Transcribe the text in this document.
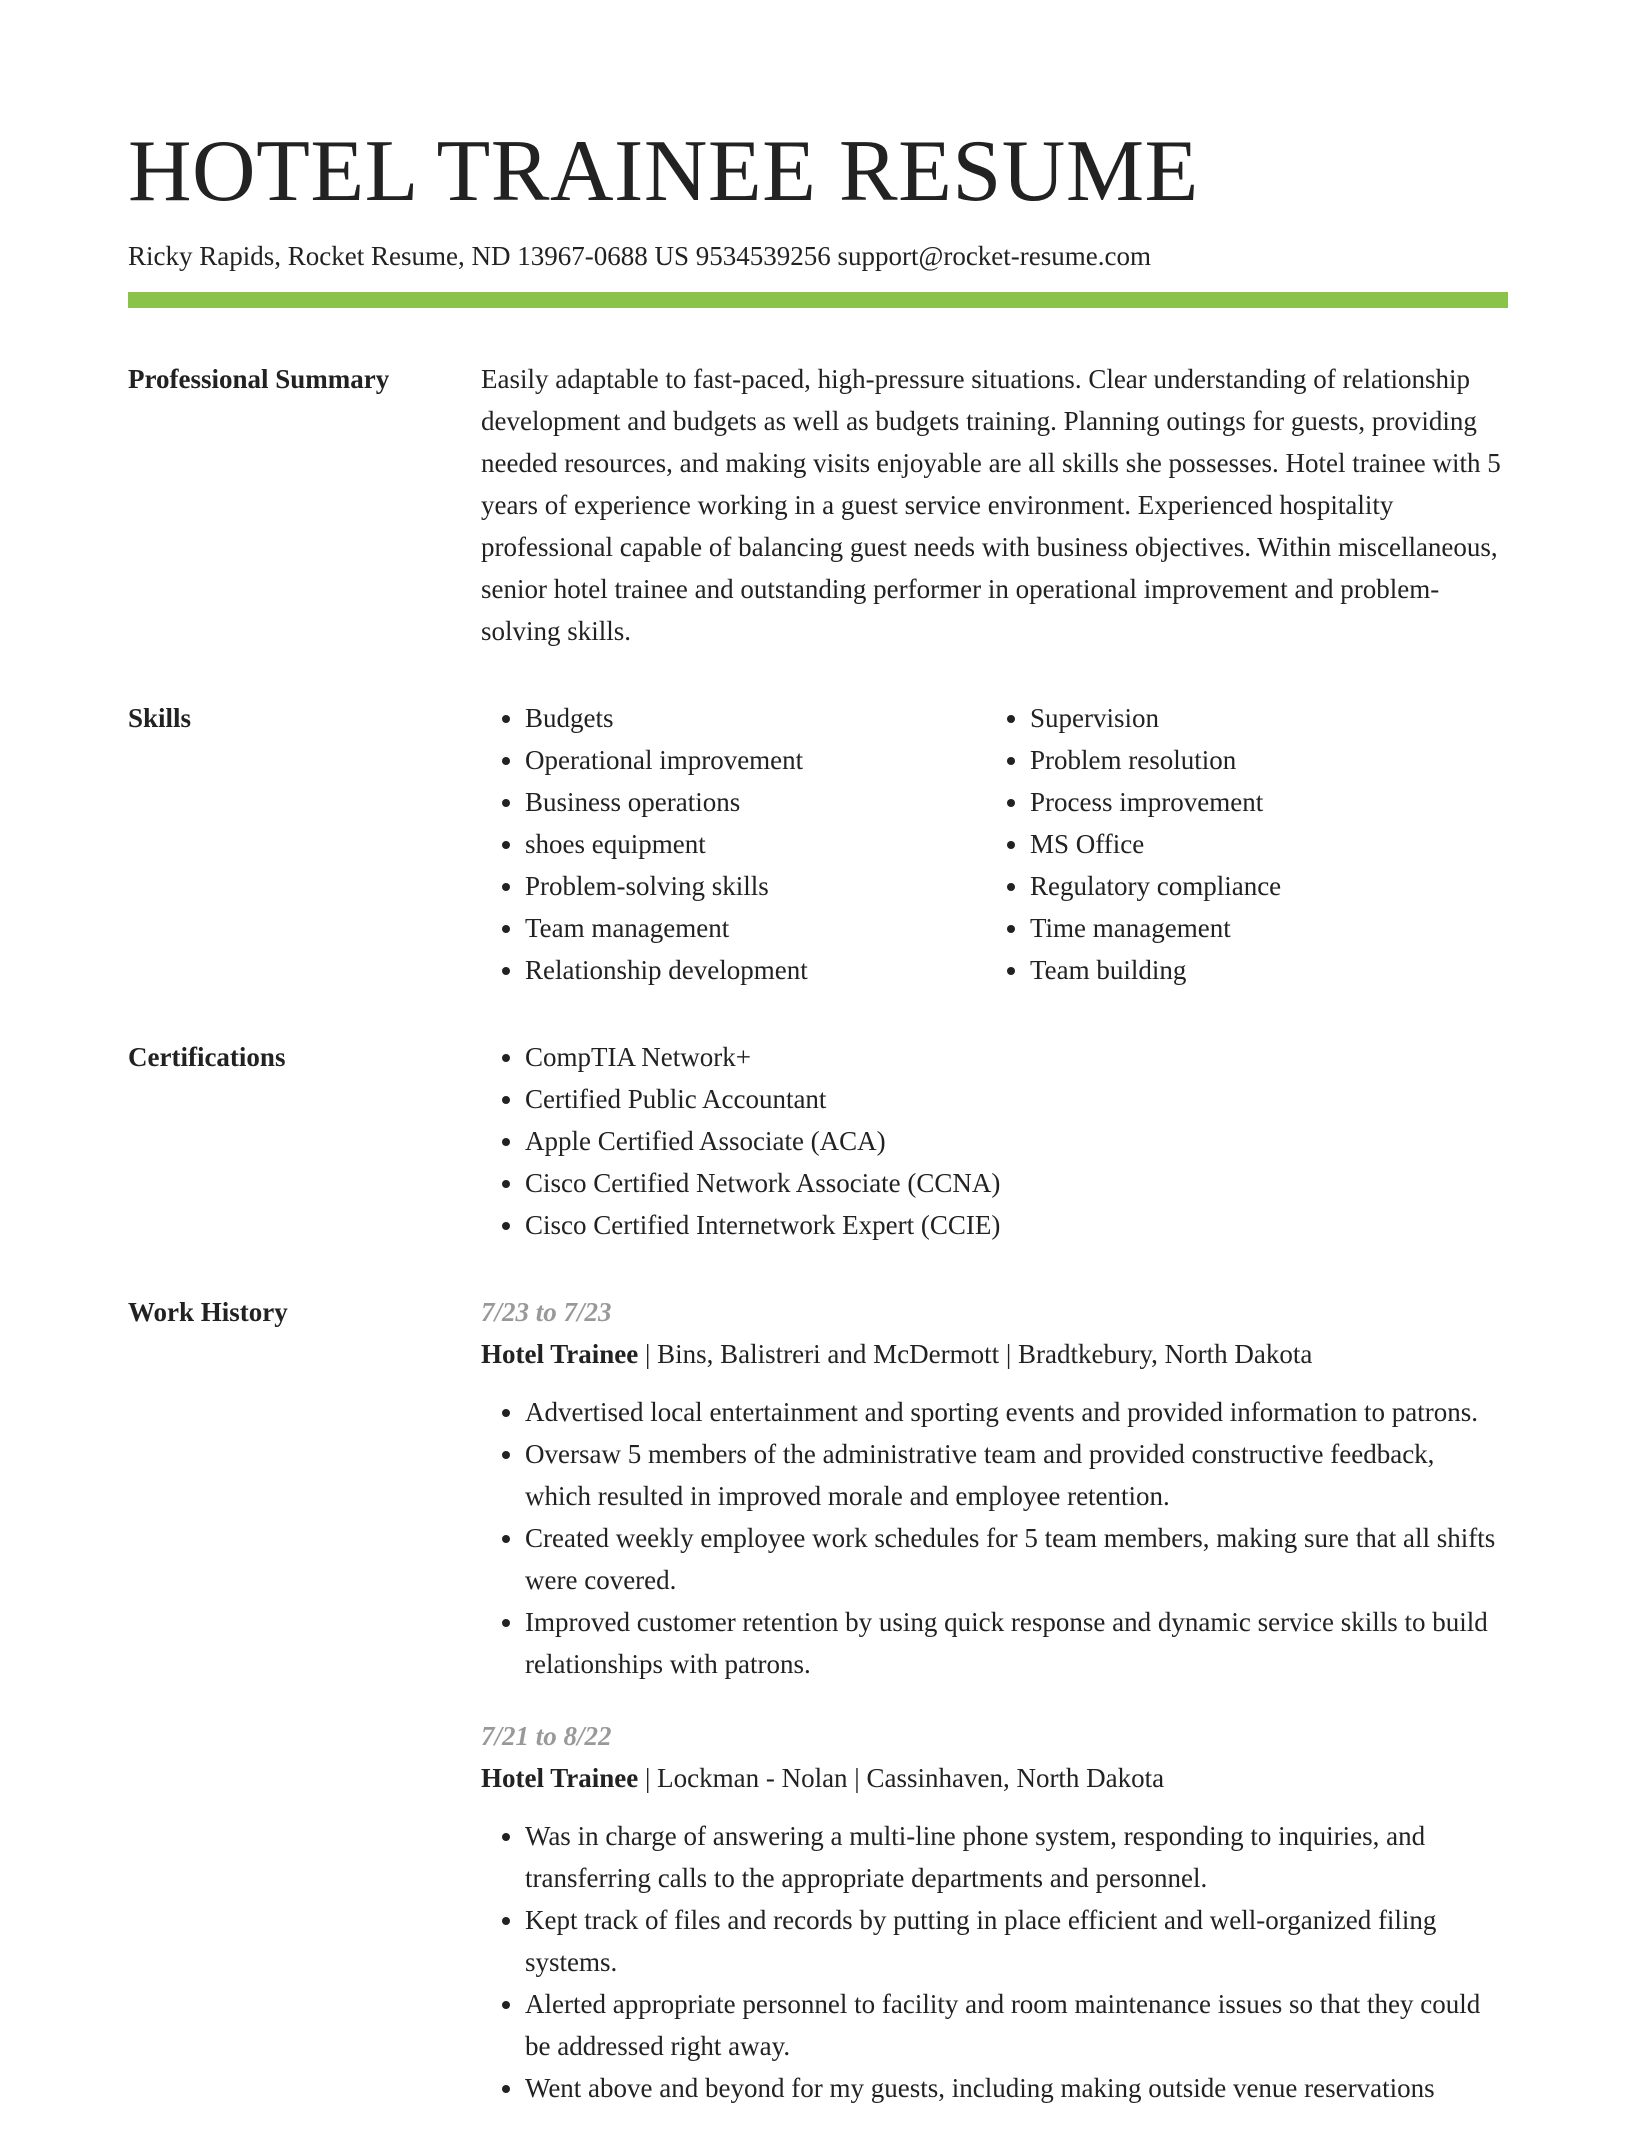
HOTEL TRAINEE RESUME
Ricky Rapids, Rocket Resume, ND 13967-0688 US 9534539256 support@rocket-resume.com
Professional Summary	Easily adaptable to fast-paced, high-pressure situations. Clear understanding of relationship development and budgets as well as budgets training. Planning outings for guests, providing needed resources, and making visits enjoyable are all skills she possesses. Hotel trainee with 5 years of experience working in a guest service environment. Experienced hospitality professional capable of balancing guest needs with business objectives. Within miscellaneous, senior hotel trainee and outstanding performer in operational improvement and problem-solving skills.

Skills	• Budgets
• Operational improvement
• Business operations
• shoes equipment
• Problem-solving skills
• Team management
• Relationship development
• Supervision
• Problem resolution
• Process improvement
• MS Office
• Regulatory compliance
• Time management
• Team building
Certifications	• CompTIA Network+
• Certified Public Accountant
• Apple Certified Associate (ACA)
• Cisco Certified Network Associate (CCNA)
• Cisco Certified Internetwork Expert (CCIE)
Work History	7/23 to 7/23
Hotel Trainee | Bins, Balistreri and McDermott | Bradtkebury, North Dakota
• Advertised local entertainment and sporting events and provided information to patrons.
• Oversaw 5 members of the administrative team and provided constructive feedback, which resulted in improved morale and employee retention.
• Created weekly employee work schedules for 5 team members, making sure that all shifts were covered.
• Improved customer retention by using quick response and dynamic service skills to build relationships with patrons.
7/21 to 8/22
Hotel Trainee | Lockman - Nolan | Cassinhaven, North Dakota
• Was in charge of answering a multi-line phone system, responding to inquiries, and transferring calls to the appropriate departments and personnel.
• Kept track of files and records by putting in place efficient and well-organized filing systems.
• Alerted appropriate personnel to facility and room maintenance issues so that they could be addressed right away.
• Went above and beyond for my guests, including making outside venue reservations
